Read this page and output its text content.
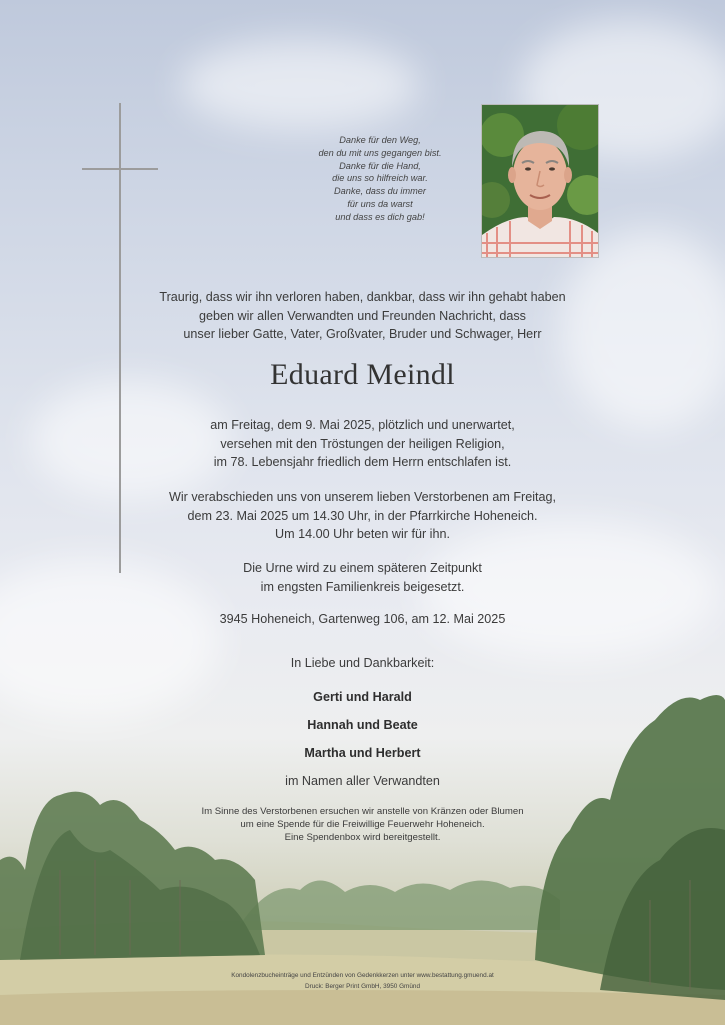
Danke für den Weg,
den du mit uns gegangen bist.
Danke für die Hand,
die uns so hilfreich war.
Danke, dass du immer
für uns da warst
und dass es dich gab!
Traurig, dass wir ihn verloren haben, dankbar, dass wir ihn gehabt haben
geben wir allen Verwandten und Freunden Nachricht, dass
unser lieber Gatte, Vater, Großvater, Bruder und Schwager, Herr
Eduard Meindl
am Freitag, dem 9. Mai 2025, plötzlich und unerwartet,
versehen mit den Tröstungen der heiligen Religion,
im 78. Lebensjahr friedlich dem Herrn entschlafen ist.
Wir verabschieden uns von unserem lieben Verstorbenen am Freitag,
dem 23. Mai 2025 um 14.30 Uhr, in der Pfarrkirche Hoheneich.
Um 14.00 Uhr beten wir für ihn.
Die Urne wird zu einem späteren Zeitpunkt
im engsten Familienkreis beigesetzt.
3945 Hoheneich, Gartenweg 106, am 12. Mai 2025
In Liebe und Dankbarkeit:
Gerti und Harald
Hannah und Beate
Martha und Herbert
im Namen aller Verwandten
Im Sinne des Verstorbenen ersuchen wir anstelle von Kränzen oder Blumen
um eine Spende für die Freiwillige Feuerwehr Hoheneich.
Eine Spendenbox wird bereitgestellt.
Kondolenzbucheinträge und Entzünden von Gedenkkerzen unter www.bestattung.gmuend.at
Druck: Berger Print GmbH, 3950 Gmünd
